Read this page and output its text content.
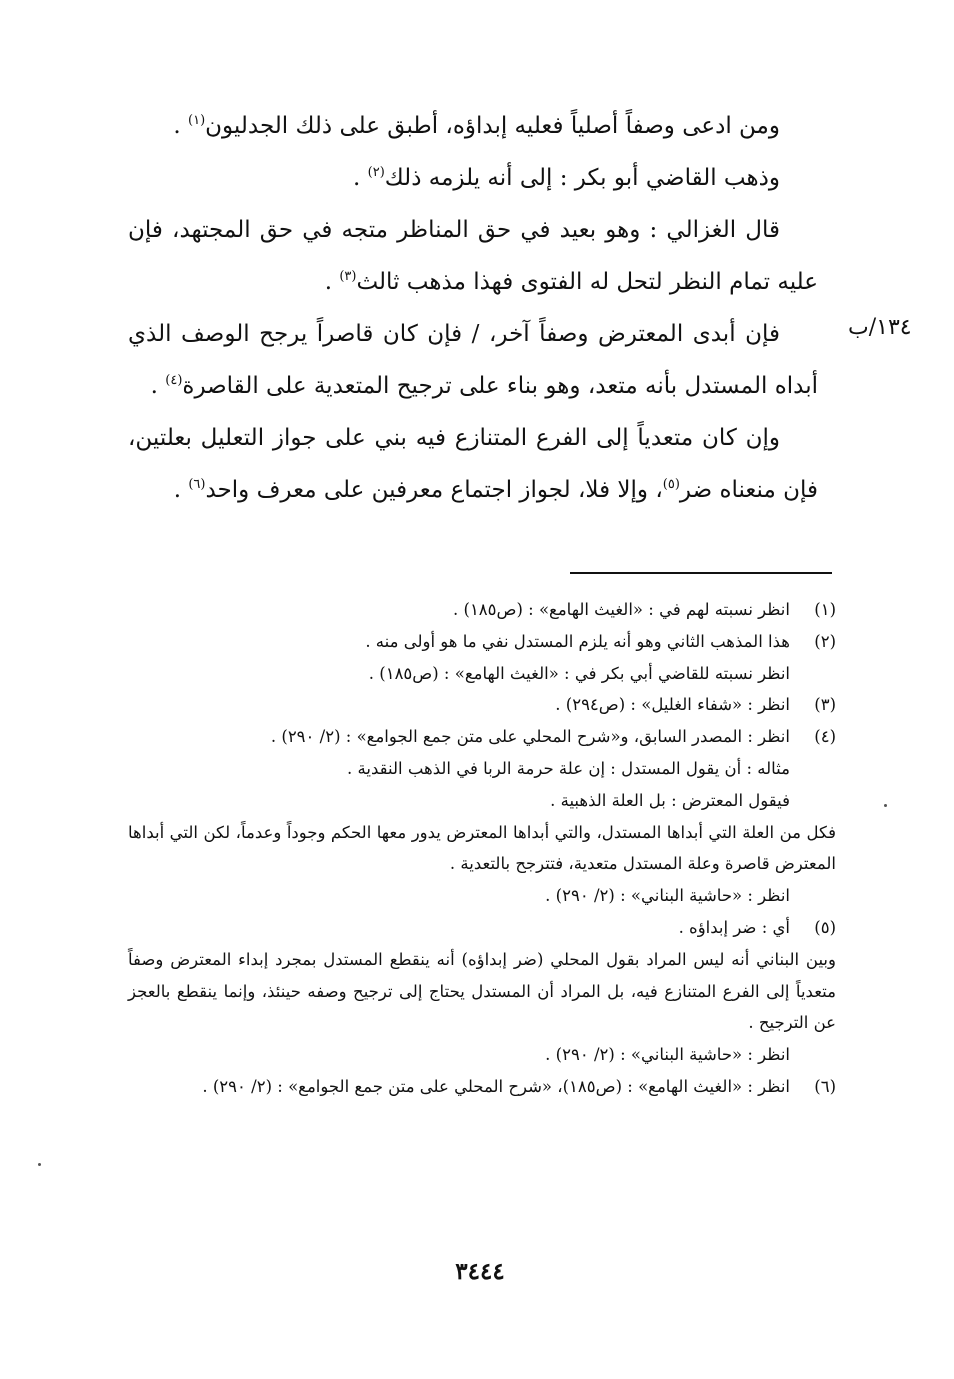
ومن ادعى وصفاً أصلياً فعليه إبداؤه، أطبق على ذلك الجدليون$^{(١)}$ .

وذهب القاضي أبو بكر : إلى أنه يلزمه ذلك$^{(٢)}$ .

قال الغزالي : وهو بعيد في حق المناظر متجه في حق المجتهد، فإن عليه تمام النظر لتحل له الفتوى فهذا مذهب ثالث$^{(٣)}$ .

فإن أبدى المعترض وصفاً آخر، / فإن كان قاصراً يرجح الوصف الذي أبداه المستدل بأنه متعد، وهو بناء على ترجيح المتعدية على القاصرة$^{(٤)}$ .

وإن كان متعدياً إلى الفرع المتنازع فيه بني على جواز التعليل بعلتين، فإن منعناه ضر$^{(٥)}$، وإلا فلا، لجواز اجتماع معرفين على معرف واحد$^{(٦)}$ .

١٣٤/ب
(١)
انظر نسبته لهم في : «الغيث الهامع» : (ص١٨٥) .
(٢)
هذا المذهب الثاني وهو أنه يلزم المستدل نفي ما هو أولى منه .
انظر نسبته للقاضي أبي بكر في : «الغيث الهامع» : (ص١٨٥) .
(٣)
انظر : «شفاء الغليل» : (ص٢٩٤) .
(٤)
انظر : المصدر السابق، و«شرح المحلي على متن جمع الجوامع» : (٢/ ٢٩٠) .
مثاله : أن يقول المستدل : إن علة حرمة الربا في الذهب النقدية .
فيقول المعترض : بل العلة الذهبية .
فكل من العلة التي أبداها المستدل، والتي أبداها المعترض يدور معها الحكم وجوداً وعدماً، لكن التي أبداها المعترض قاصرة وعلة المستدل متعدية، فتترجح بالتعدية .
انظر : «حاشية البناني» : (٢/ ٢٩٠) .
(٥)
أي : ضر إبداؤه .
وبين البناني أنه ليس المراد بقول المحلي (ضر إبداؤه) أنه ينقطع المستدل بمجرد إبداء المعترض وصفاً متعدياً إلى الفرع المتنازع فيه، بل المراد أن المستدل يحتاج إلى ترجيح وصفه حينئذ، وإنما ينقطع بالعجز عن الترجيح .
انظر : «حاشية البناني» : (٢/ ٢٩٠) .
(٦)
انظر : «الغيث الهامع» : (ص١٨٥)، «شرح المحلي على متن جمع الجوامع» : (٢/ ٢٩٠) .
٣٤٤٤
